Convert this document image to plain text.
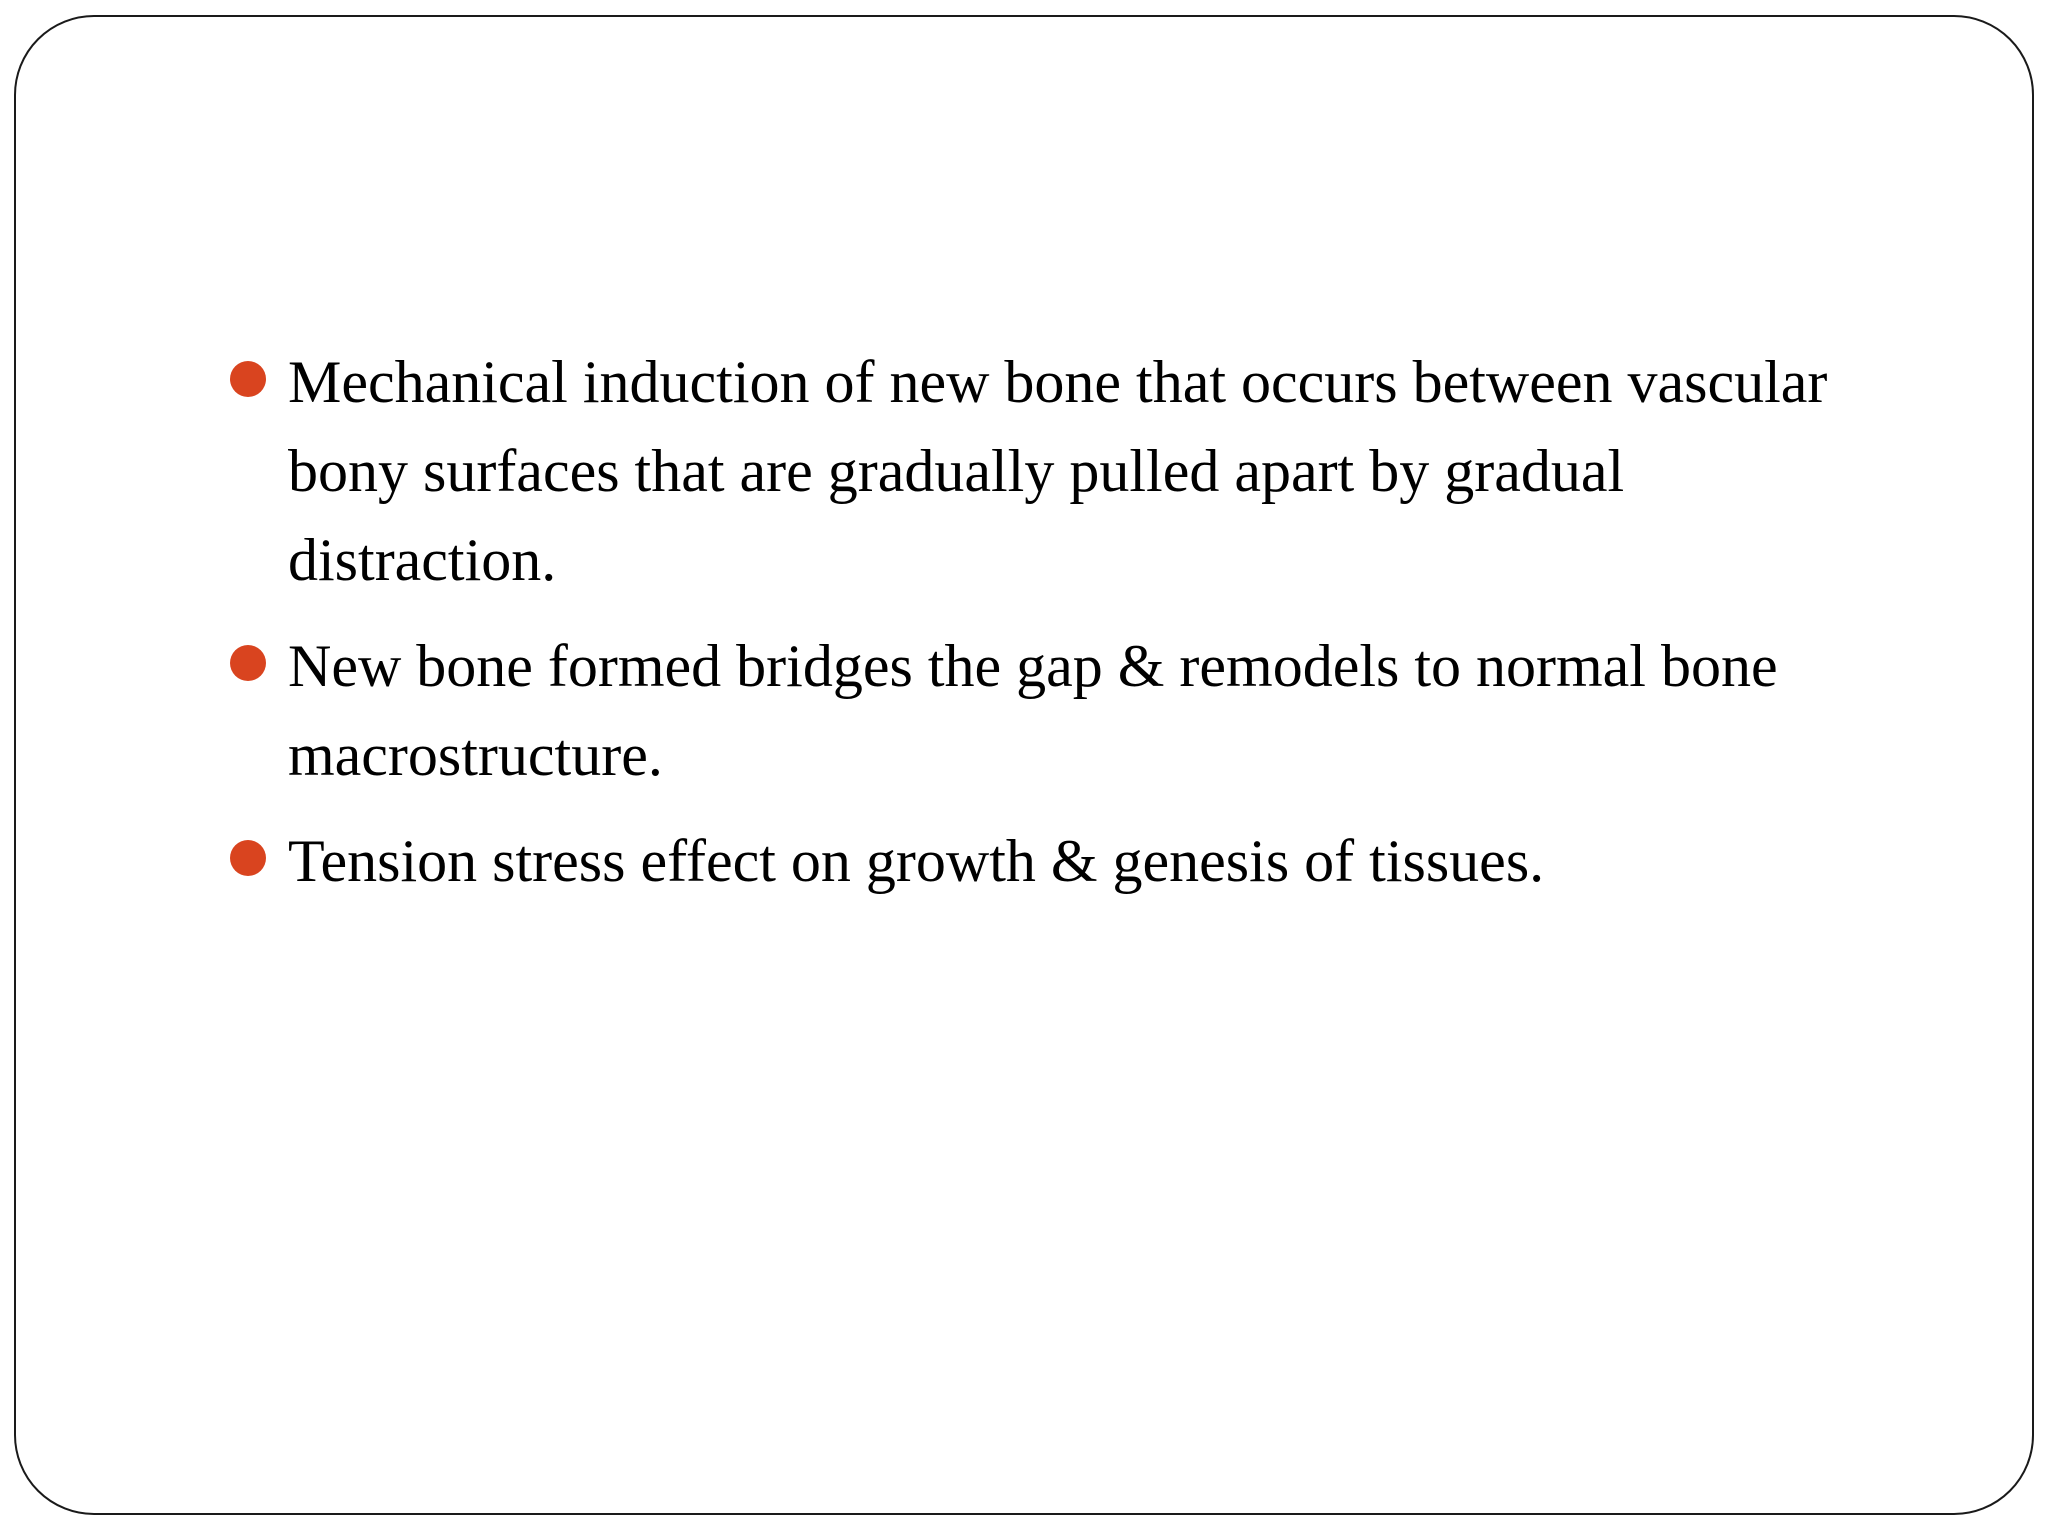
Mechanical induction of new bone that occurs between vascular bony surfaces that are gradually pulled apart by gradual distraction.
New bone formed bridges the gap & remodels to normal bone macrostructure.
Tension stress effect on growth & genesis of tissues.
